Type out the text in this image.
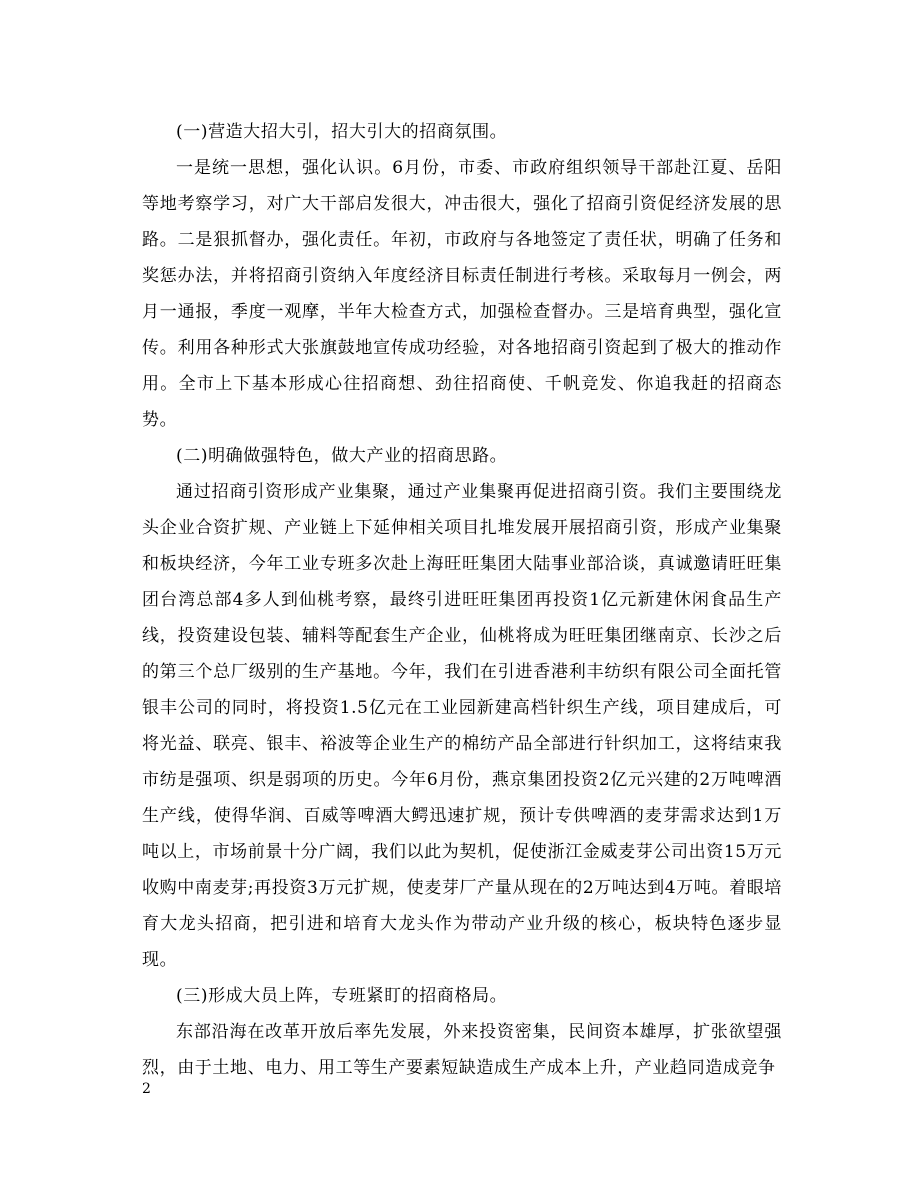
(一)营造大招大引，招大引大的招商氛围。

一是统一思想，强化认识。6月份，市委、市政府组织领导干部赴江夏、岳阳等地考察学习，对广大干部启发很大，冲击很大，强化了招商引资促经济发展的思路。二是狠抓督办，强化责任。年初，市政府与各地签定了责任状，明确了任务和奖惩办法，并将招商引资纳入年度经济目标责任制进行考核。采取每月一例会，两月一通报，季度一观摩，半年大检查方式，加强检查督办。三是培育典型，强化宣传。利用各种形式大张旗鼓地宣传成功经验，对各地招商引资起到了极大的推动作用。全市上下基本形成心往招商想、劲往招商使、千帆竞发、你追我赶的招商态势。

(二)明确做强特色，做大产业的招商思路。

通过招商引资形成产业集聚，通过产业集聚再促进招商引资。我们主要围绕龙头企业合资扩规、产业链上下延伸相关项目扎堆发展开展招商引资，形成产业集聚和板块经济，今年工业专班多次赴上海旺旺集团大陆事业部洽谈，真诚邀请旺旺集团台湾总部4多人到仙桃考察，最终引进旺旺集团再投资1亿元新建休闲食品生产线，投资建设包装、辅料等配套生产企业，仙桃将成为旺旺集团继南京、长沙之后的第三个总厂级别的生产基地。今年，我们在引进香港利丰纺织有限公司全面托管银丰公司的同时，将投资1.5亿元在工业园新建高档针织生产线，项目建成后，可将光益、联亮、银丰、裕波等企业生产的棉纺产品全部进行针织加工，这将结束我市纺是强项、织是弱项的历史。今年6月份，燕京集团投资2亿元兴建的2万吨啤酒生产线，使得华润、百威等啤酒大鳄迅速扩规，预计专供啤酒的麦芽需求达到1万吨以上，市场前景十分广阔，我们以此为契机，促使浙江金威麦芽公司出资15万元收购中南麦芽;再投资3万元扩规，使麦芽厂产量从现在的2万吨达到4万吨。着眼培育大龙头招商，把引进和培育大龙头作为带动产业升级的核心，板块特色逐步显现。

(三)形成大员上阵，专班紧盯的招商格局。

东部沿海在改革开放后率先发展，外来投资密集，民间资本雄厚，扩张欲望强烈，由于土地、电力、用工等生产要素短缺造成生产成本上升，产业趋同造成竞争

2
